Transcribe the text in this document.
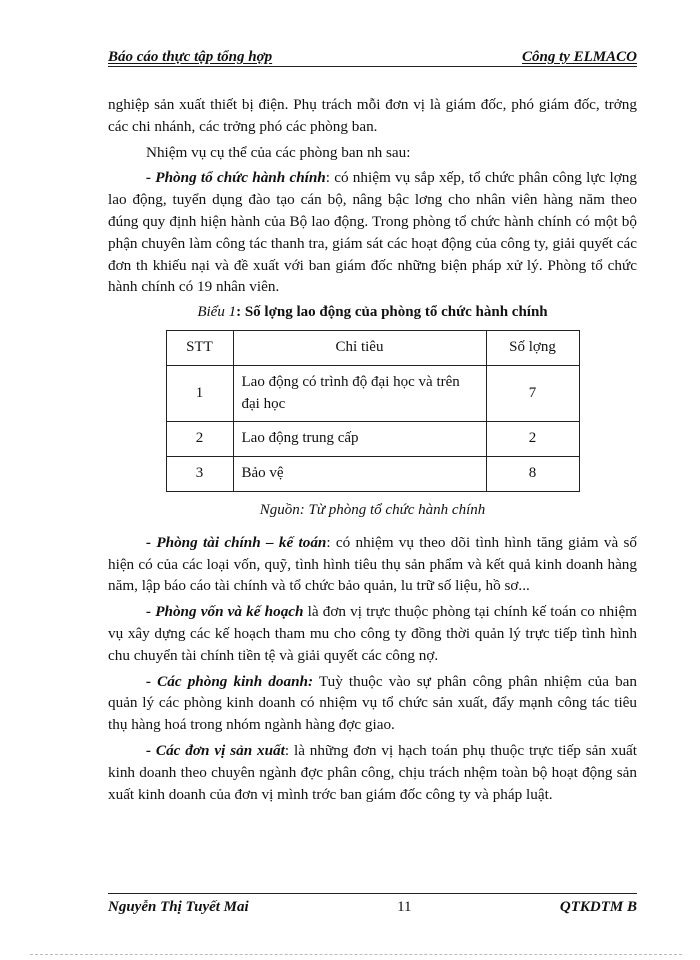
Báo cáo thực tập tổng hợp	Công ty ELMACO

nghiệp sản xuất thiết bị điện. Phụ trách mỗi đơn vị là giám đốc, phó giám đốc, trởng các chi nhánh, các trởng phó các phòng ban.

Nhiệm vụ cụ thể của các phòng ban nh sau:

- Phòng tổ chức hành chính: có nhiệm vụ sắp xếp, tổ chức phân công lực lợng lao động, tuyển dụng đào tạo cán bộ, nâng bậc lơng cho nhân viên hàng năm theo đúng quy định hiện hành của Bộ lao động. Trong phòng tổ chức hành chính có một bộ phận chuyên làm công tác thanh tra, giám sát các hoạt động của công ty, giải quyết các đơn th khiếu nại và đề xuất với ban giám đốc những biện pháp xử lý. Phòng tổ chức hành chính có 19 nhân viên.

Biểu 1: Số lợng lao động của phòng tổ chức hành chính
STT	Chỉ tiêu	Số lợng
1	Lao động có trình độ đại học và trên đại học	7
2	Lao động trung cấp	2
3	Bảo vệ	8
Nguồn: Từ phòng tổ chức hành chính

- Phòng tài chính – kế toán: có nhiệm vụ theo dõi tình hình tăng giảm và số hiện có của các loại vốn, quỹ, tình hình tiêu thụ sản phẩm và kết quả kinh doanh hàng năm, lập báo cáo tài chính và tổ chức bảo quản, lu trữ số liệu, hồ sơ...

- Phòng vốn và kế hoạch là đơn vị trực thuộc phòng tại chính kế toán co nhiệm vụ xây dựng các kế hoạch tham mu cho công ty đồng thời quản lý trực tiếp tình hình chu chuyển tài chính tiền tệ và giải quyết các công nợ.

- Các phòng kinh doanh: Tuỳ thuộc vào sự phân công phân nhiệm của ban quản lý các phòng kinh doanh có nhiệm vụ tổ chức sản xuất, đẩy mạnh công tác tiêu thụ hàng hoá trong nhóm ngành hàng đợc giao.

- Các đơn vị sản xuất: là những đơn vị hạch toán phụ thuộc trực tiếp sản xuất kinh doanh theo chuyên ngành đợc phân công, chịu trách nhệm toàn bộ hoạt động sản xuất kinh doanh của đơn vị mình trớc ban giám đốc công ty và pháp luật.

Nguyễn Thị Tuyết Mai	11	QTKDTM B
